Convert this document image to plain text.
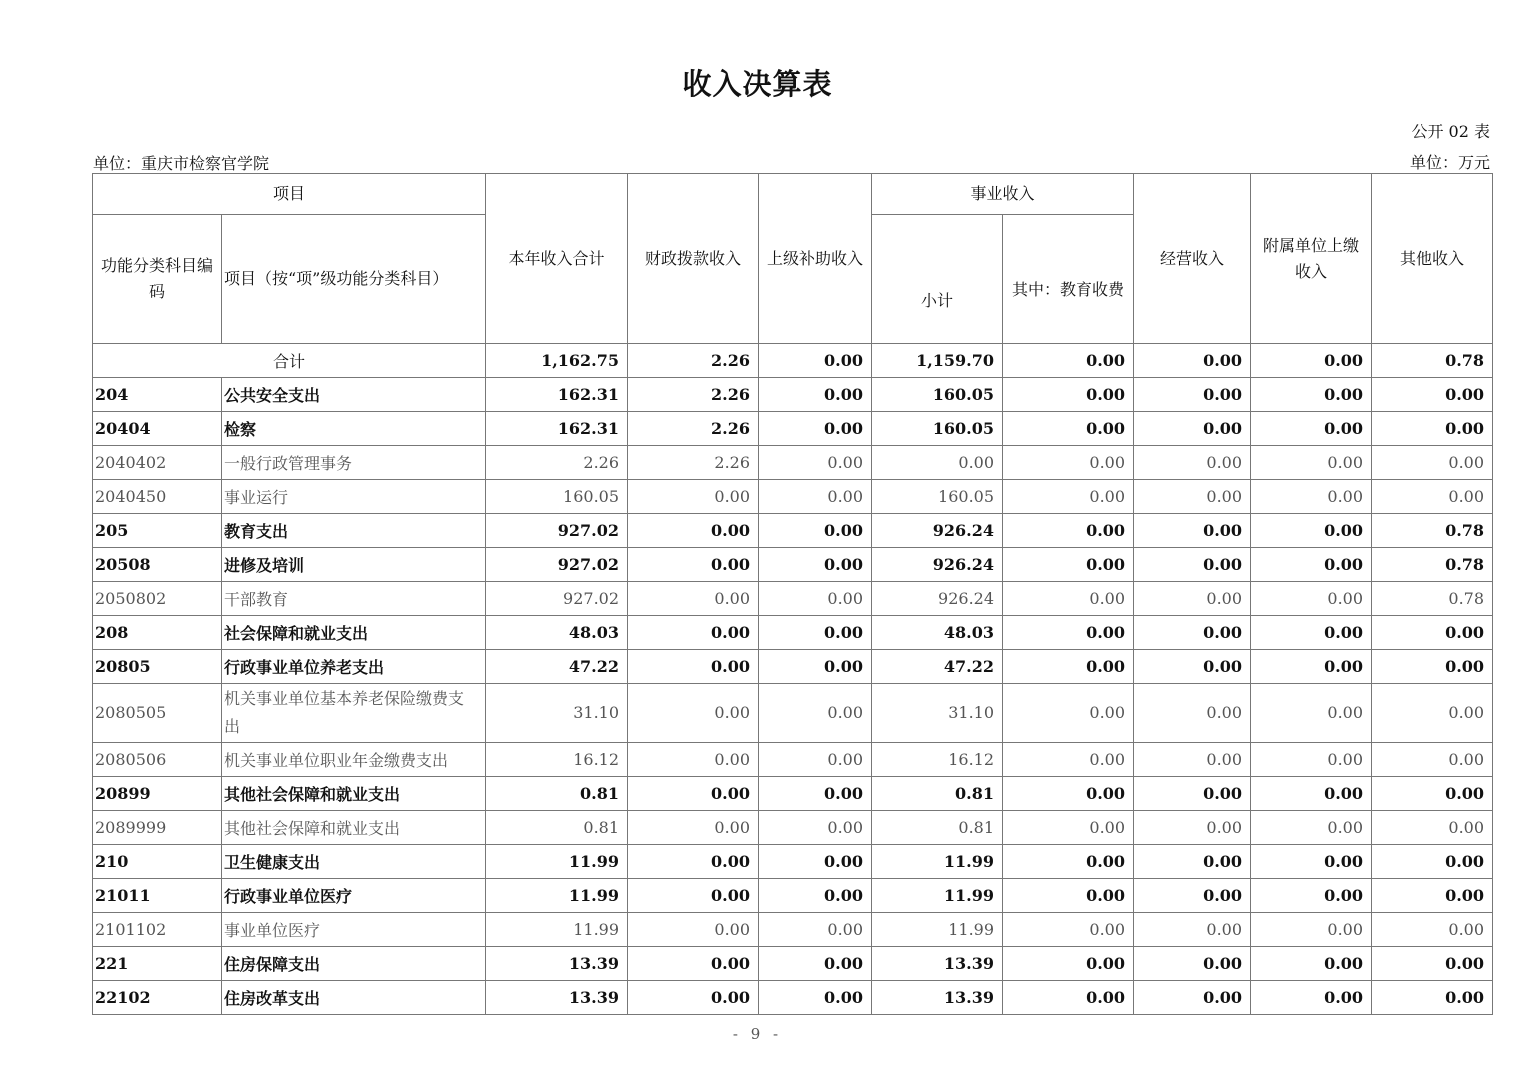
收入决算表
公开 02 表
单位：重庆市检察官学院	单位：万元
项目		本年收入合计	财政拨款收入	上级补助收入	事业收入		经营收入	附属单位上缴收入	其他收入
功能分类科目编码	项目（按“项”级功能分类科目）				小计	其中：教育收费			
合计		1,162.75	2.26	0.00	1,159.70	0.00	0.00	0.00	0.78
204	公共安全支出	162.31	2.26	0.00	160.05	0.00	0.00	0.00	0.00
20404	检察	162.31	2.26	0.00	160.05	0.00	0.00	0.00	0.00
2040402	一般行政管理事务	2.26	2.26	0.00	0.00	0.00	0.00	0.00	0.00
2040450	事业运行	160.05	0.00	0.00	160.05	0.00	0.00	0.00	0.00
205	教育支出	927.02	0.00	0.00	926.24	0.00	0.00	0.00	0.78
20508	进修及培训	927.02	0.00	0.00	926.24	0.00	0.00	0.00	0.78
2050802	干部教育	927.02	0.00	0.00	926.24	0.00	0.00	0.00	0.78
208	社会保障和就业支出	48.03	0.00	0.00	48.03	0.00	0.00	0.00	0.00
20805	行政事业单位养老支出	47.22	0.00	0.00	47.22	0.00	0.00	0.00	0.00
2080505	机关事业单位基本养老保险缴费支出	31.10	0.00	0.00	31.10	0.00	0.00	0.00	0.00
2080506	机关事业单位职业年金缴费支出	16.12	0.00	0.00	16.12	0.00	0.00	0.00	0.00
20899	其他社会保障和就业支出	0.81	0.00	0.00	0.81	0.00	0.00	0.00	0.00
2089999	其他社会保障和就业支出	0.81	0.00	0.00	0.81	0.00	0.00	0.00	0.00
210	卫生健康支出	11.99	0.00	0.00	11.99	0.00	0.00	0.00	0.00
21011	行政事业单位医疗	11.99	0.00	0.00	11.99	0.00	0.00	0.00	0.00
2101102	事业单位医疗	11.99	0.00	0.00	11.99	0.00	0.00	0.00	0.00
221	住房保障支出	13.39	0.00	0.00	13.39	0.00	0.00	0.00	0.00
22102	住房改革支出	13.39	0.00	0.00	13.39	0.00	0.00	0.00	0.00
- 9 -
